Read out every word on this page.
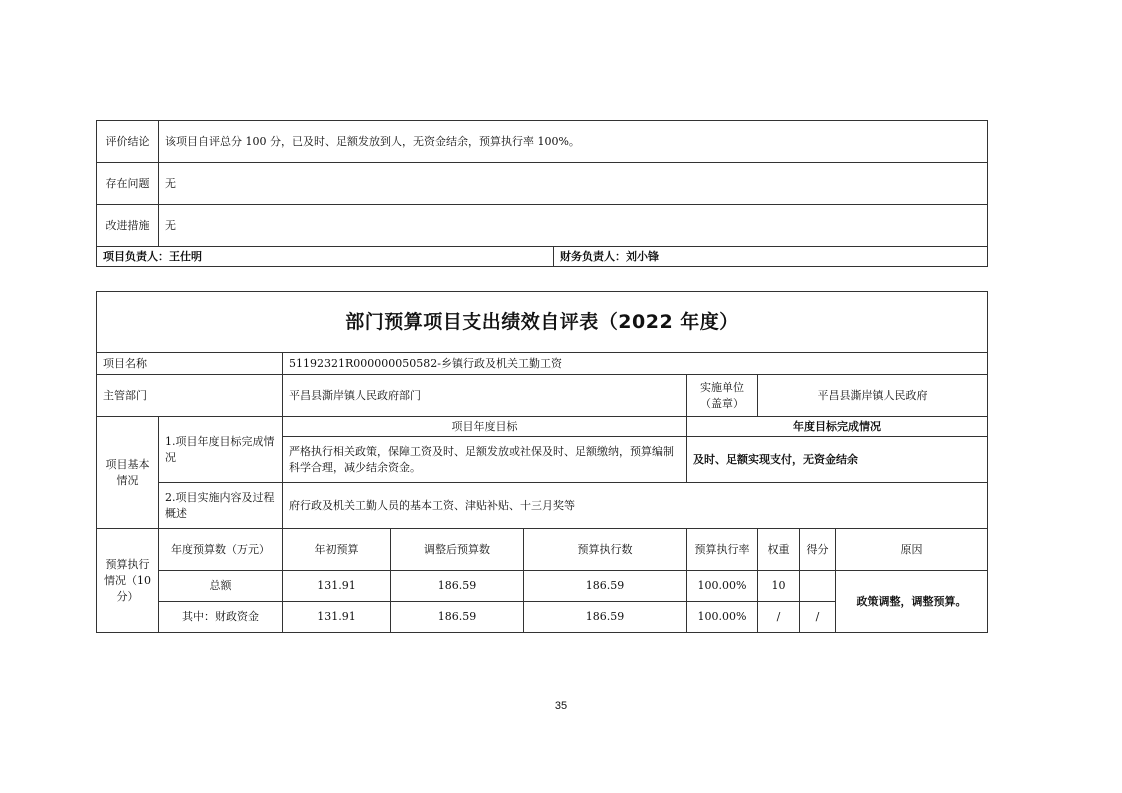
评价结论	该项目自评总分 100 分，已及时、足额发放到人，无资金结余，预算执行率 100%。	
存在问题	无	
改进措施	无	
项目负责人：王仕明		财务负责人：刘小锋
部门预算项目支出绩效自评表（2022 年度）								
项目名称		51192321R000000050582-乡镇行政及机关工勤工资						
主管部门		平昌县澌岸镇人民政府部门			实施单位（盖章）	平昌县澌岸镇人民政府		
项目基本情况	1.项目年度目标完成情况	项目年度目标			年度目标完成情况			
		严格执行相关政策，保障工资及时、足额发放或社保及时、足额缴纳，预算编制科学合理，减少结余资金。			及时、足额实现支付，无资金结余			
	2.项目实施内容及过程概述	府行政及机关工勤人员的基本工资、津贴补贴、十三月奖等						
预算执行情况（10 分）	年度预算数（万元）	年初预算	调整后预算数	预算执行数	预算执行率	权重	得分	原因
	总额	131.91	186.59	186.59	100.00%	10		政策调整，调整预算。
	其中：财政资金	131.91	186.59	186.59	100.00%	/	/	
35
